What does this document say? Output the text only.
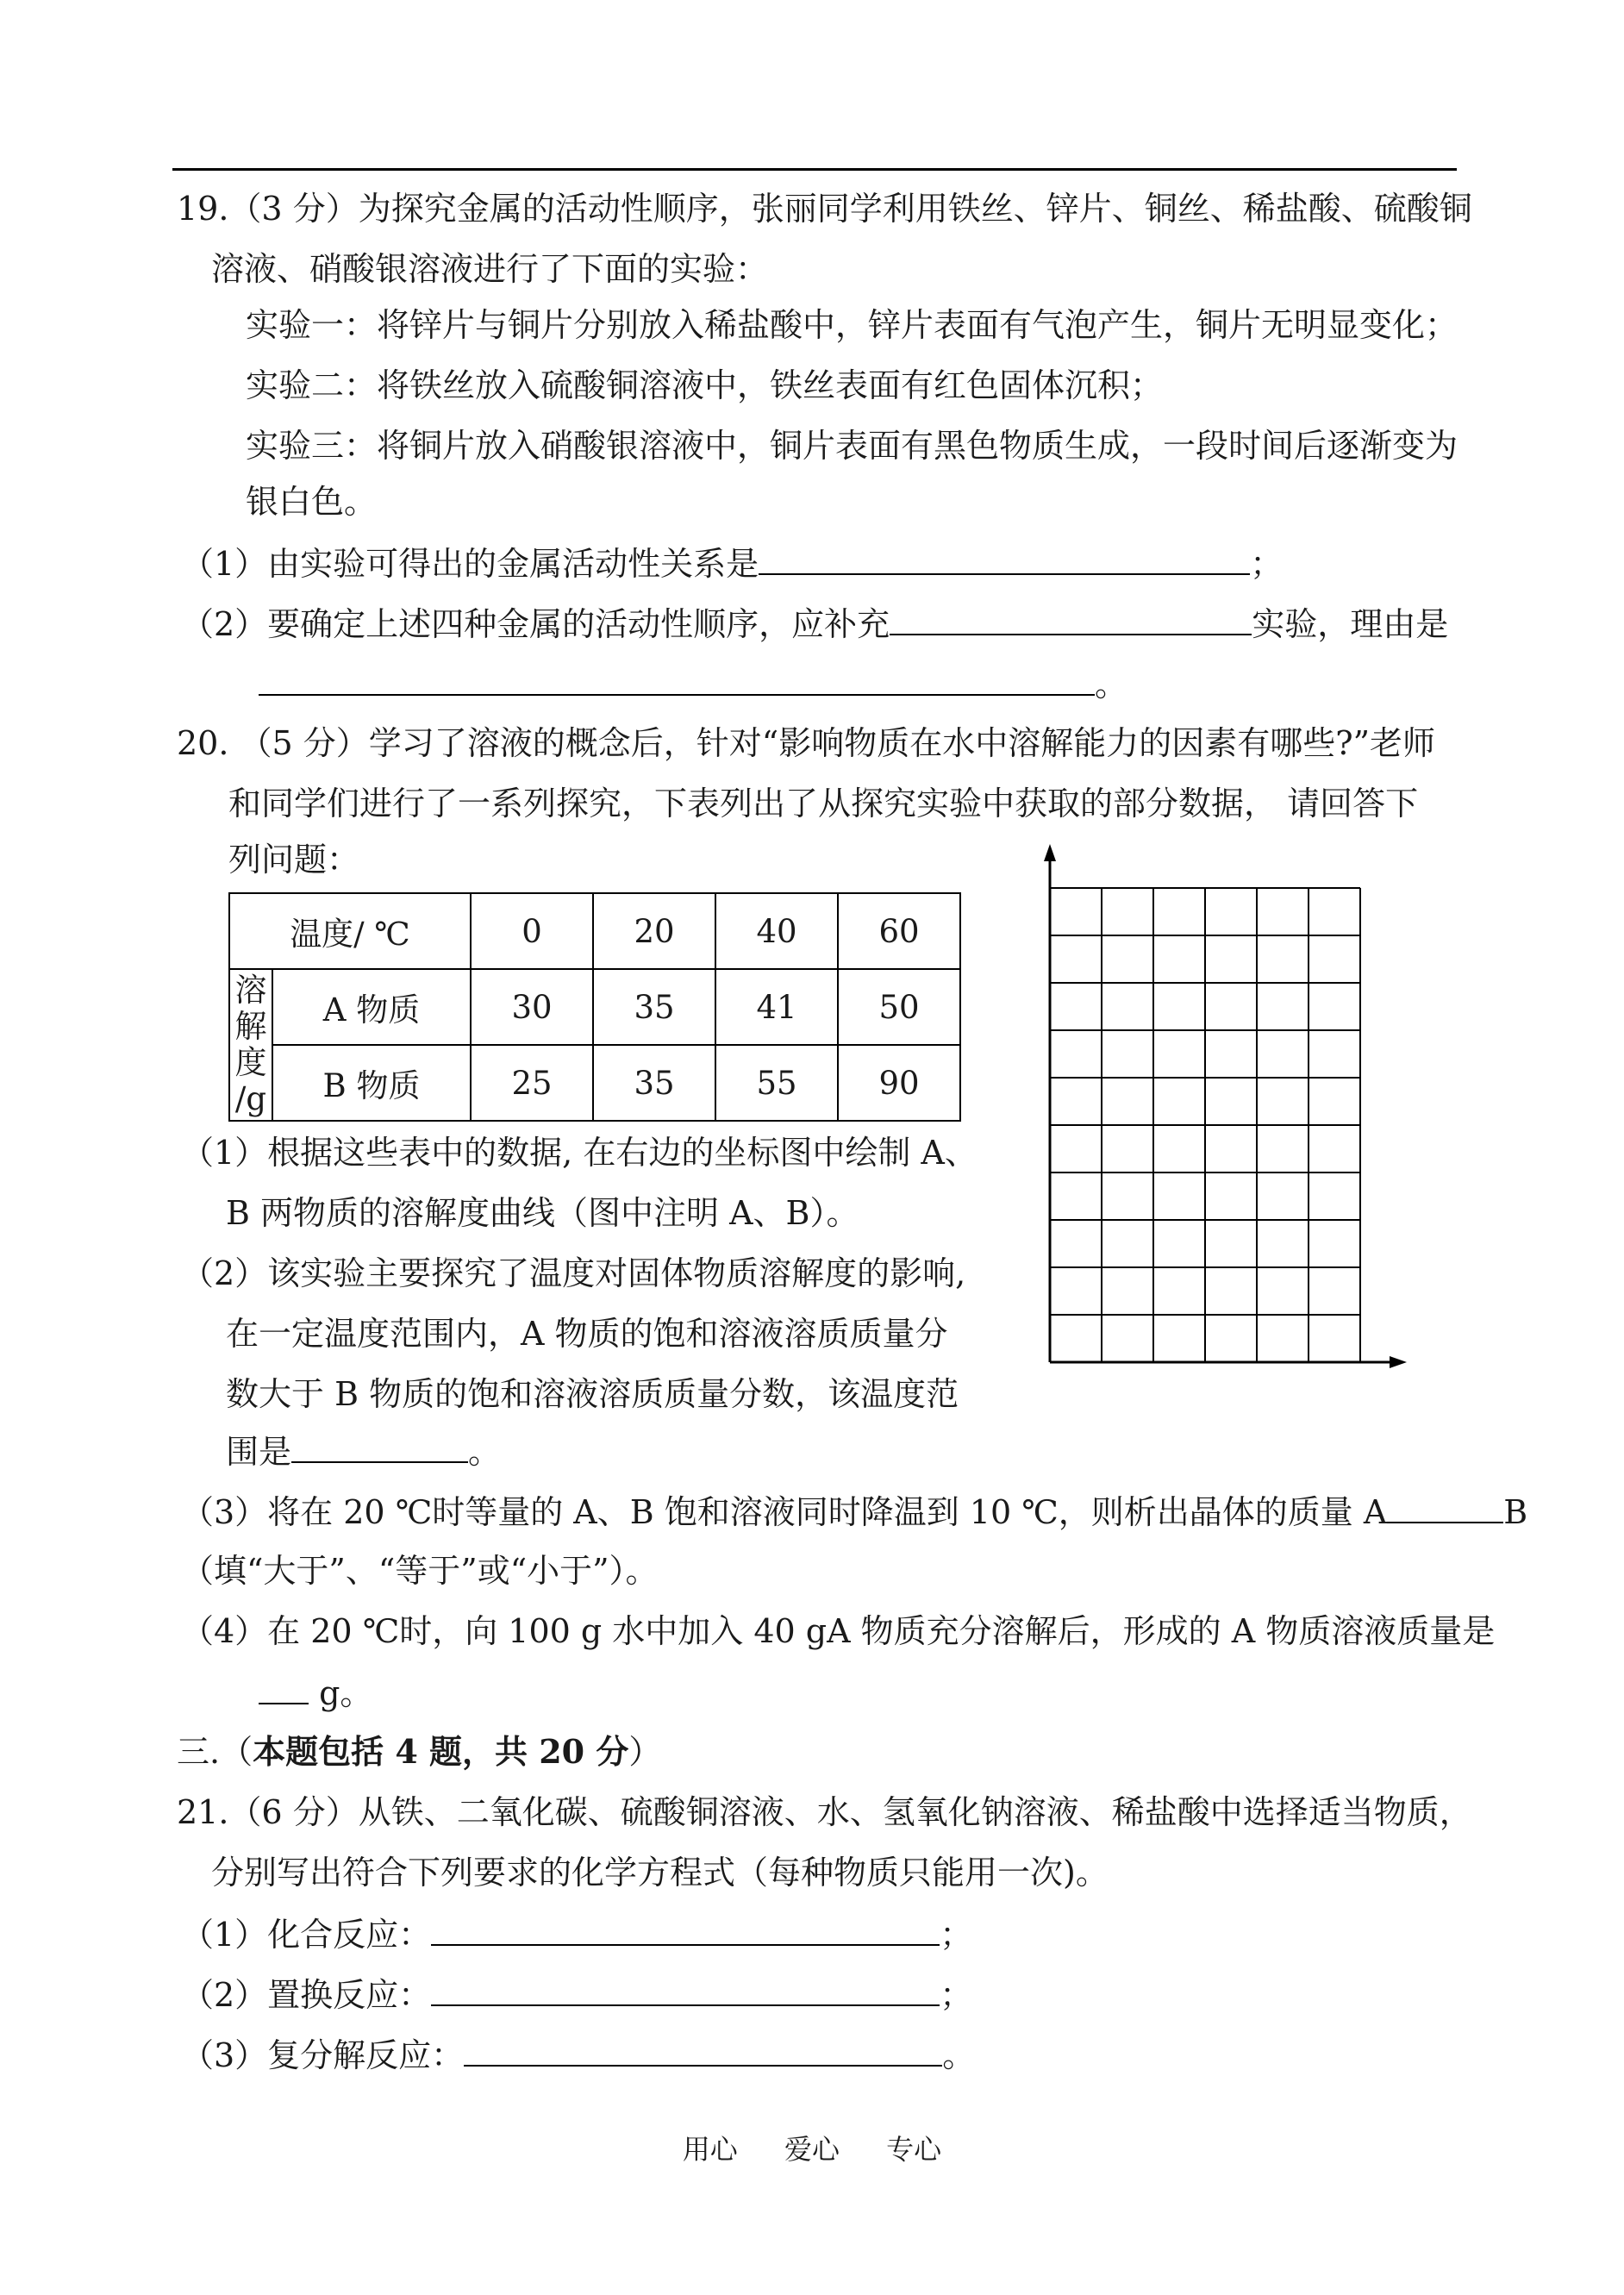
19.（3 分）为探究金属的活动性顺序，张丽同学利用铁丝、锌片、铜丝、稀盐酸、硫酸铜
溶液、硝酸银溶液进行了下面的实验：
实验一：将锌片与铜片分别放入稀盐酸中，锌片表面有气泡产生，铜片无明显变化；
实验二：将铁丝放入硫酸铜溶液中，铁丝表面有红色固体沉积；
实验三：将铜片放入硝酸银溶液中，铜片表面有黑色物质生成，一段时间后逐渐变为
银白色。
（1）由实验可得出的金属活动性关系是	；
（2）要确定上述四种金属的活动性顺序，应补充	实验，理由是
。
20. （5 分）学习了溶液的概念后，针对“影响物质在水中溶解能力的因素有哪些?”老师
和同学们进行了一系列探究，下表列出了从探究实验中获取的部分数据， 请回答下
列问题：
温度/ ℃		0	20	40	60

溶
解
度
/g	A 物质	30	35	41	50
	B 物质	25	35	55	90
（1）根据这些表中的数据, 在右边的坐标图中绘制 A、
B 两物质的溶解度曲线（图中注明 A、B）。
（2）该实验主要探究了温度对固体物质溶解度的影响,
在一定温度范围内，A 物质的饱和溶液溶质质量分
数大于 B 物质的饱和溶液溶质质量分数，该温度范
围是	。
（3）将在 20 ℃时等量的 A、B 饱和溶液同时降温到 10 ℃，则析出晶体的质量 A	B
（填“大于”、“等于”或“小于”）。
（4）在 20 ℃时，向 100 g 水中加入 40 gA 物质充分溶解后，形成的 A 物质溶液质量是
g。
三.（本题包括 4 题，共 20 分）
21.（6 分）从铁、二氧化碳、硫酸铜溶液、水、氢氧化钠溶液、稀盐酸中选择适当物质，
分别写出符合下列要求的化学方程式（每种物质只能用一次)。
（1）化合反应：	；
（2）置换反应：	；
（3）复分解反应：	。
用心 爱心 专心
